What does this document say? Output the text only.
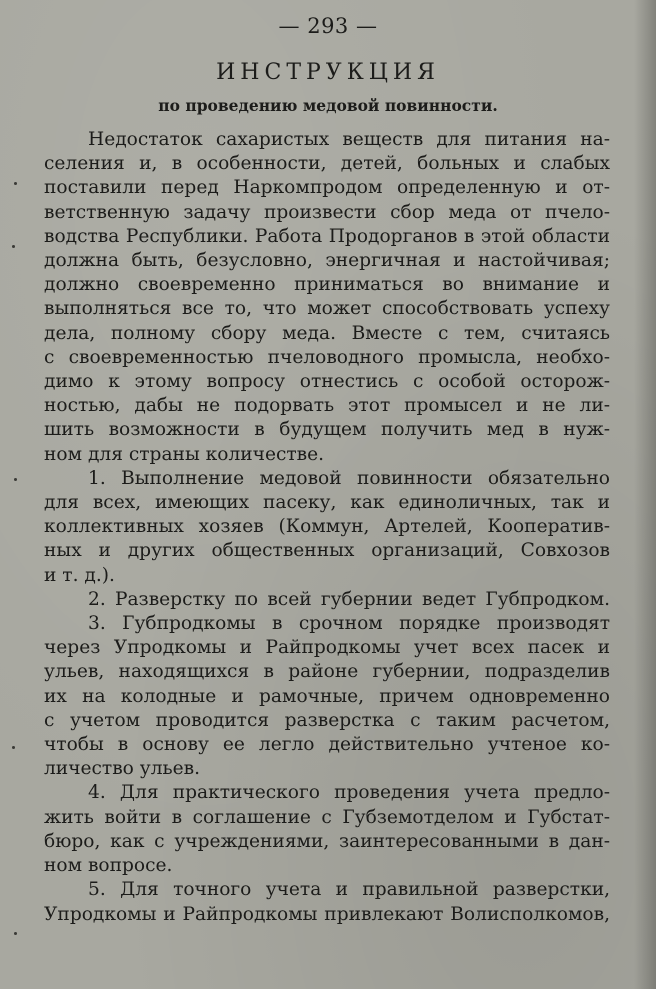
— 293 —
ИНСТРУКЦИЯ
по проведению медовой повинности.
Недостаток сахаристых веществ для питания на-
селения и, в особенности, детей, больных и слабых
поставили перед Наркомпродом определенную и от-
ветственную задачу произвести сбор меда от пчело-
водства Республики. Работа Продорганов в этой области
должна быть, безусловно, энергичная и настойчивая;
должно своевременно приниматься во внимание и
выполняться все то, что может способствовать успеху
дела, полному сбору меда. Вместе с тем, считаясь
с своевременностью пчеловодного промысла, необхо-
димо к этому вопросу отнестись с особой осторож-
ностью, дабы не подорвать этот промысел и не ли-
шить возможности в будущем получить мед в нуж-
ном для страны количестве.
1. Выполнение медовой повинности обязательно
для всех, имеющих пасеку, как единоличных, так и
коллективных хозяев (Коммун, Артелей, Кооператив-
ных и других общественных организаций, Совхозов
и т. д.).
2. Разверстку по всей губернии ведет Губпродком.
3. Губпродкомы в срочном порядке производят
через Упродкомы и Райпродкомы учет всех пасек и
ульев, находящихся в районе губернии, подразделив
их на колодные и рамочные, причем одновременно
с учетом проводится разверстка с таким расчетом,
чтобы в основу ее легло действительно учтеное ко-
личество ульев.
4. Для практического проведения учета предло-
жить войти в соглашение с Губземотделом и Губстат-
бюро, как с учреждениями, заинтересованными в дан-
ном вопросе.
5. Для точного учета и правильной разверстки,
Упродкомы и Райпродкомы привлекают Волисполкомов,
